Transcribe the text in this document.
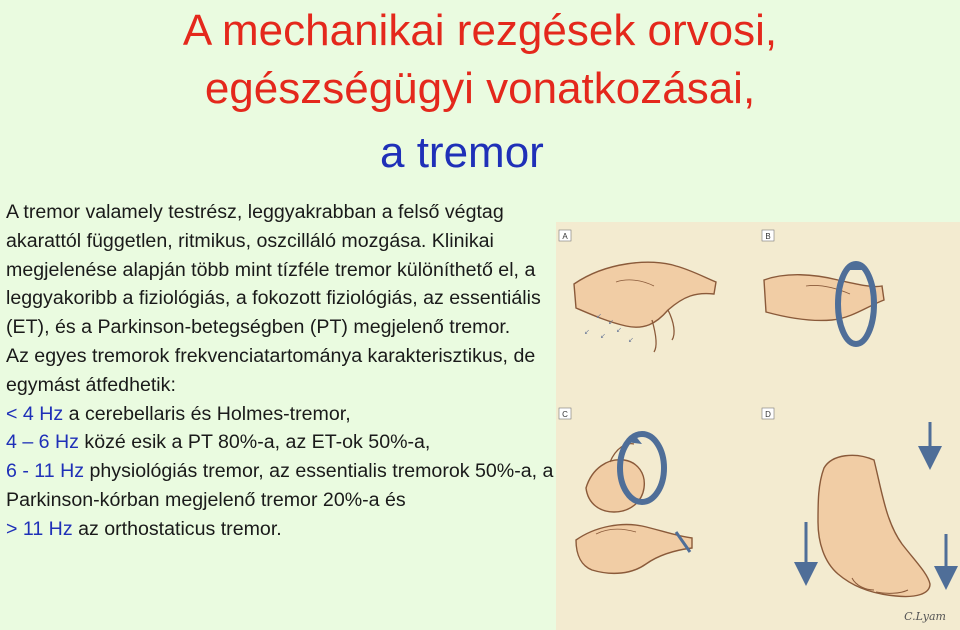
A mechanikai rezgések orvosi,
egészségügyi vonatkozásai,
a tremor

A tremor valamely testrész, leggyakrabban a felső végtag akarattól független, ritmikus, oszcilláló mozgása. Klinikai megjelenése alapján több mint tízféle tremor különíthető el, a leggyakoribb a fiziológiás, a fokozott fiziológiás, az essentiális (ET), és a Parkinson-betegségben (PT) megjelenő tremor.

Az egyes tremorok frekvenciatartománya karakterisztikus, de egymást átfedhetik:

< 4 Hz a cerebellaris és Holmes-tremor,
4 – 6 Hz közé esik a PT 80%-a, az ET-ok 50%-a,
6 - 11 Hz physiológiás tremor, az essentialis tremorok 50%-a, a Parkinson-kórban megjelenő tremor 20%-a és
> 11 Hz az orthostaticus tremor.
A	B
C	D
↙
↙
↙
↙
↙
↙
C.Lyam
